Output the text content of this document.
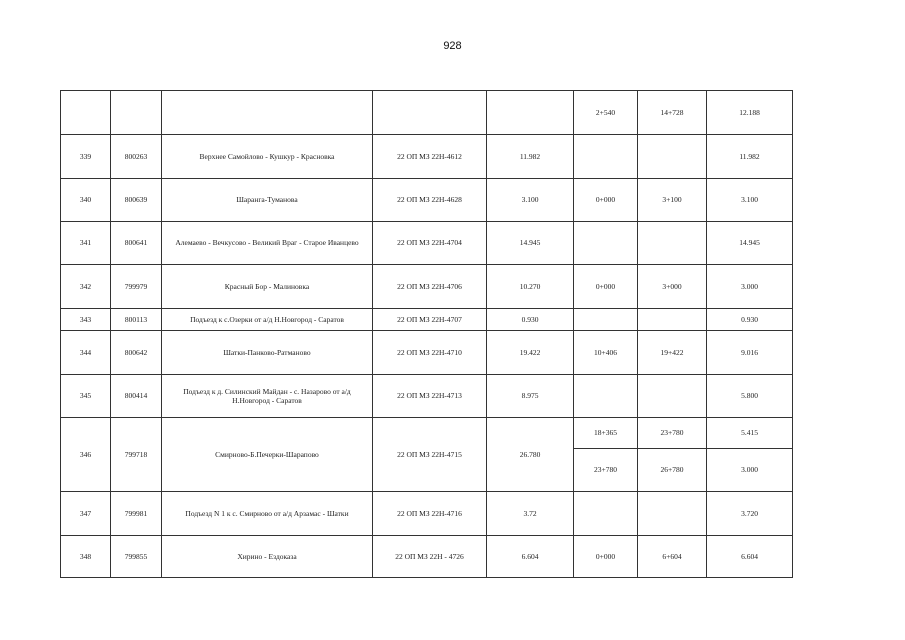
928
					2+540	14+728	12.188
339	800263	Верхнее Самойлово - Кушкур - Красновка	22 ОП МЗ 22Н-4612	11.982			11.982
340	800639	Шаранга-Туманова	22 ОП МЗ 22Н-4628	3.100	0+000	3+100	3.100
341	800641	Алемаево - Вечкусово - Великий Враг - Старое Иванцево	22 ОП МЗ 22Н-4704	14.945			14.945
342	799979	Красный Бор - Малиновка	22 ОП МЗ 22Н-4706	10.270	0+000	3+000	3.000
343	800113	Подъезд к с.Озерки от а/д Н.Новгород - Саратов	22 ОП МЗ 22Н-4707	0.930			0.930
344	800642	Шатки-Панково-Ратманово	22 ОП МЗ 22Н-4710	19.422	10+406	19+422	9.016
345	800414	Подъезд к д. Силинский Майдан - с. Назарово от а/д Н.Новгород - Саратов	22 ОП МЗ 22Н-4713	8.975			5.800
346	799718	Смирново-Б.Печерки-Шарапово	22 ОП МЗ 22Н-4715	26.780	18+365	23+780	5.415
					23+780	26+780	3.000
347	799981	Подъезд N 1 к с. Смирново от а/д Арзамас - Шатки	22 ОП МЗ 22Н-4716	3.72			3.720
348	799855	Хирино - Ездоказа	22 ОП МЗ 22Н - 4726	6.604	0+000	6+604	6.604
